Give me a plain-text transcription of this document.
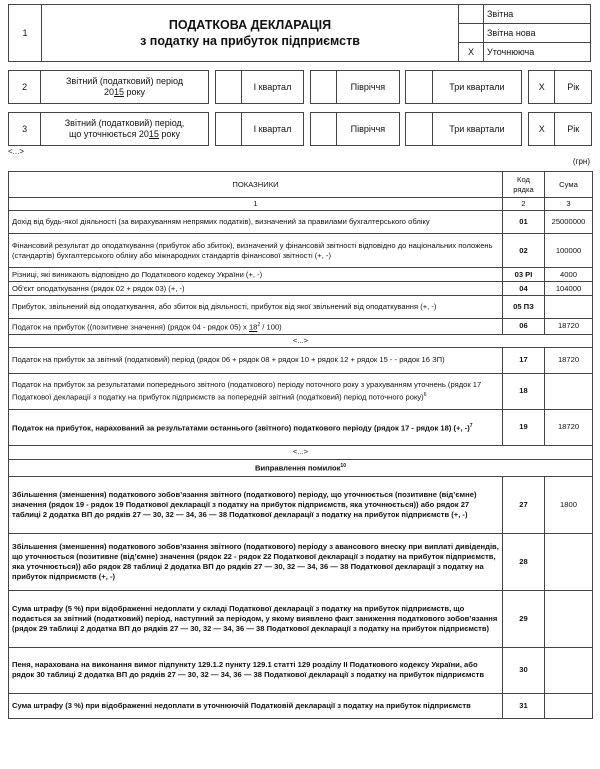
1	ПОДАТКОВА ДЕКЛАРАЦІЯ
з податку на прибуток підприємств		Звітна
			Звітна нова
		X	Уточнююча
2	Звітний (податковий) період
2015 року			І квартал			Півріччя			Три квартали		X	Рік
3	Звітний (податковий) період,
що уточнюється 2015 року			І квартал			Півріччя			Три квартали		X	Рік
<...>
(грн)
ПОКАЗНИКИ	Код рядка	Сума
1	2	3
Дохід від будь-якої діяльності (за вирахуванням непрямих податків), визначений за правилами бухгалтерського обліку	01	25000000
Фінансовий результат до оподаткування (прибуток або збиток), визначений у фінансовій звітності відповідно до національних положень (стандартів) бухгалтерського обліку або міжнародних стандартів фінансової звітності (+, -)	02	100000
Різниці, які виникають відповідно до Податкового кодексу України (+, -)	03 РІ	4000
Об'єкт оподаткування (рядок 02 + рядок 03) (+, -)	04	104000
Прибуток, звільнений від оподаткування, або збиток від діяльності, прибуток від якої звільнений від оподаткування (+, -)	05 ПЗ	
Податок на прибуток ((позитивне значення) (рядок 04 - рядок 05) х $18^2 / 100$)	06	18720
<...>		
Податок на прибуток за звітний (податковий) період (рядок 06 + рядок 08 + рядок 10 + рядок 12 + рядок 15 - - рядок 16 ЗП)	17	18720
Податок на прибуток за результатами попереднього звітного (податкового) періоду поточного року з урахуванням уточнень (рядок 17 Податкової декларації з податку на прибуток підприємств за попередній звітний (податковий) період поточного року)$^6$	18	
Податок на прибуток, нарахований за результатами останнього (звітного) податкового періоду (рядок 17 - рядок 18) (+, -)$^7$	19	18720
<...>		
Виправлення помилок$^{10}$
Збільшення (зменшення) податкового зобов’язання звітного (податкового) періоду, що уточнюється (позитивне (від’ємне) значення (рядок 19 - рядок 19 Податкової декларації з податку на прибуток підприємств, яка уточнюється)) або рядок 27 таблиці 2 додатка ВП до рядків 27 — 30, 32 — 34, 36 — 38 Податкової декларації з податку на прибуток підприємств (+, -)	27	1800
Збільшення (зменшення) податкового зобов’язання звітного (податкового) періоду з авансового внеску при виплаті дивідендів, що уточнюється (позитивне (від’ємне) значення (рядок 22 - рядок 22 Податкової декларації з податку на прибуток підприємств, яка уточнюється)) або рядок 28 таблиці 2 додатка ВП до рядків 27 — 30, 32 — 34, 36 — 38 Податкової декларації з податку на прибуток підприємств (+, -)	28	
Сума штрафу (5 %) при відображенні недоплати у складі Податкової декларації з податку на прибуток підприємств, що подається за звітний (податковий) період, наступний за періодом, у якому виявлено факт заниження податкового зобов’язання (рядок 29 таблиці 2 додатка ВП до рядків 27 — 30, 32 — 34, 36 — 38 Податкової декларації з податку на прибуток підприємств)	29	
Пеня, нарахована на виконання вимог підпункту 129.1.2 пункту 129.1 статті 129 розділу ІІ Податкового кодексу України, або рядок 30 таблиці 2 додатка ВП до рядків 27 — 30, 32 — 34, 36 — 38 Податкової декларації з податку на прибуток підприємств	30	
Сума штрафу (3 %) при відображенні недоплати в уточнюючій Податковій декларації з податку на прибуток підприємств	31	
